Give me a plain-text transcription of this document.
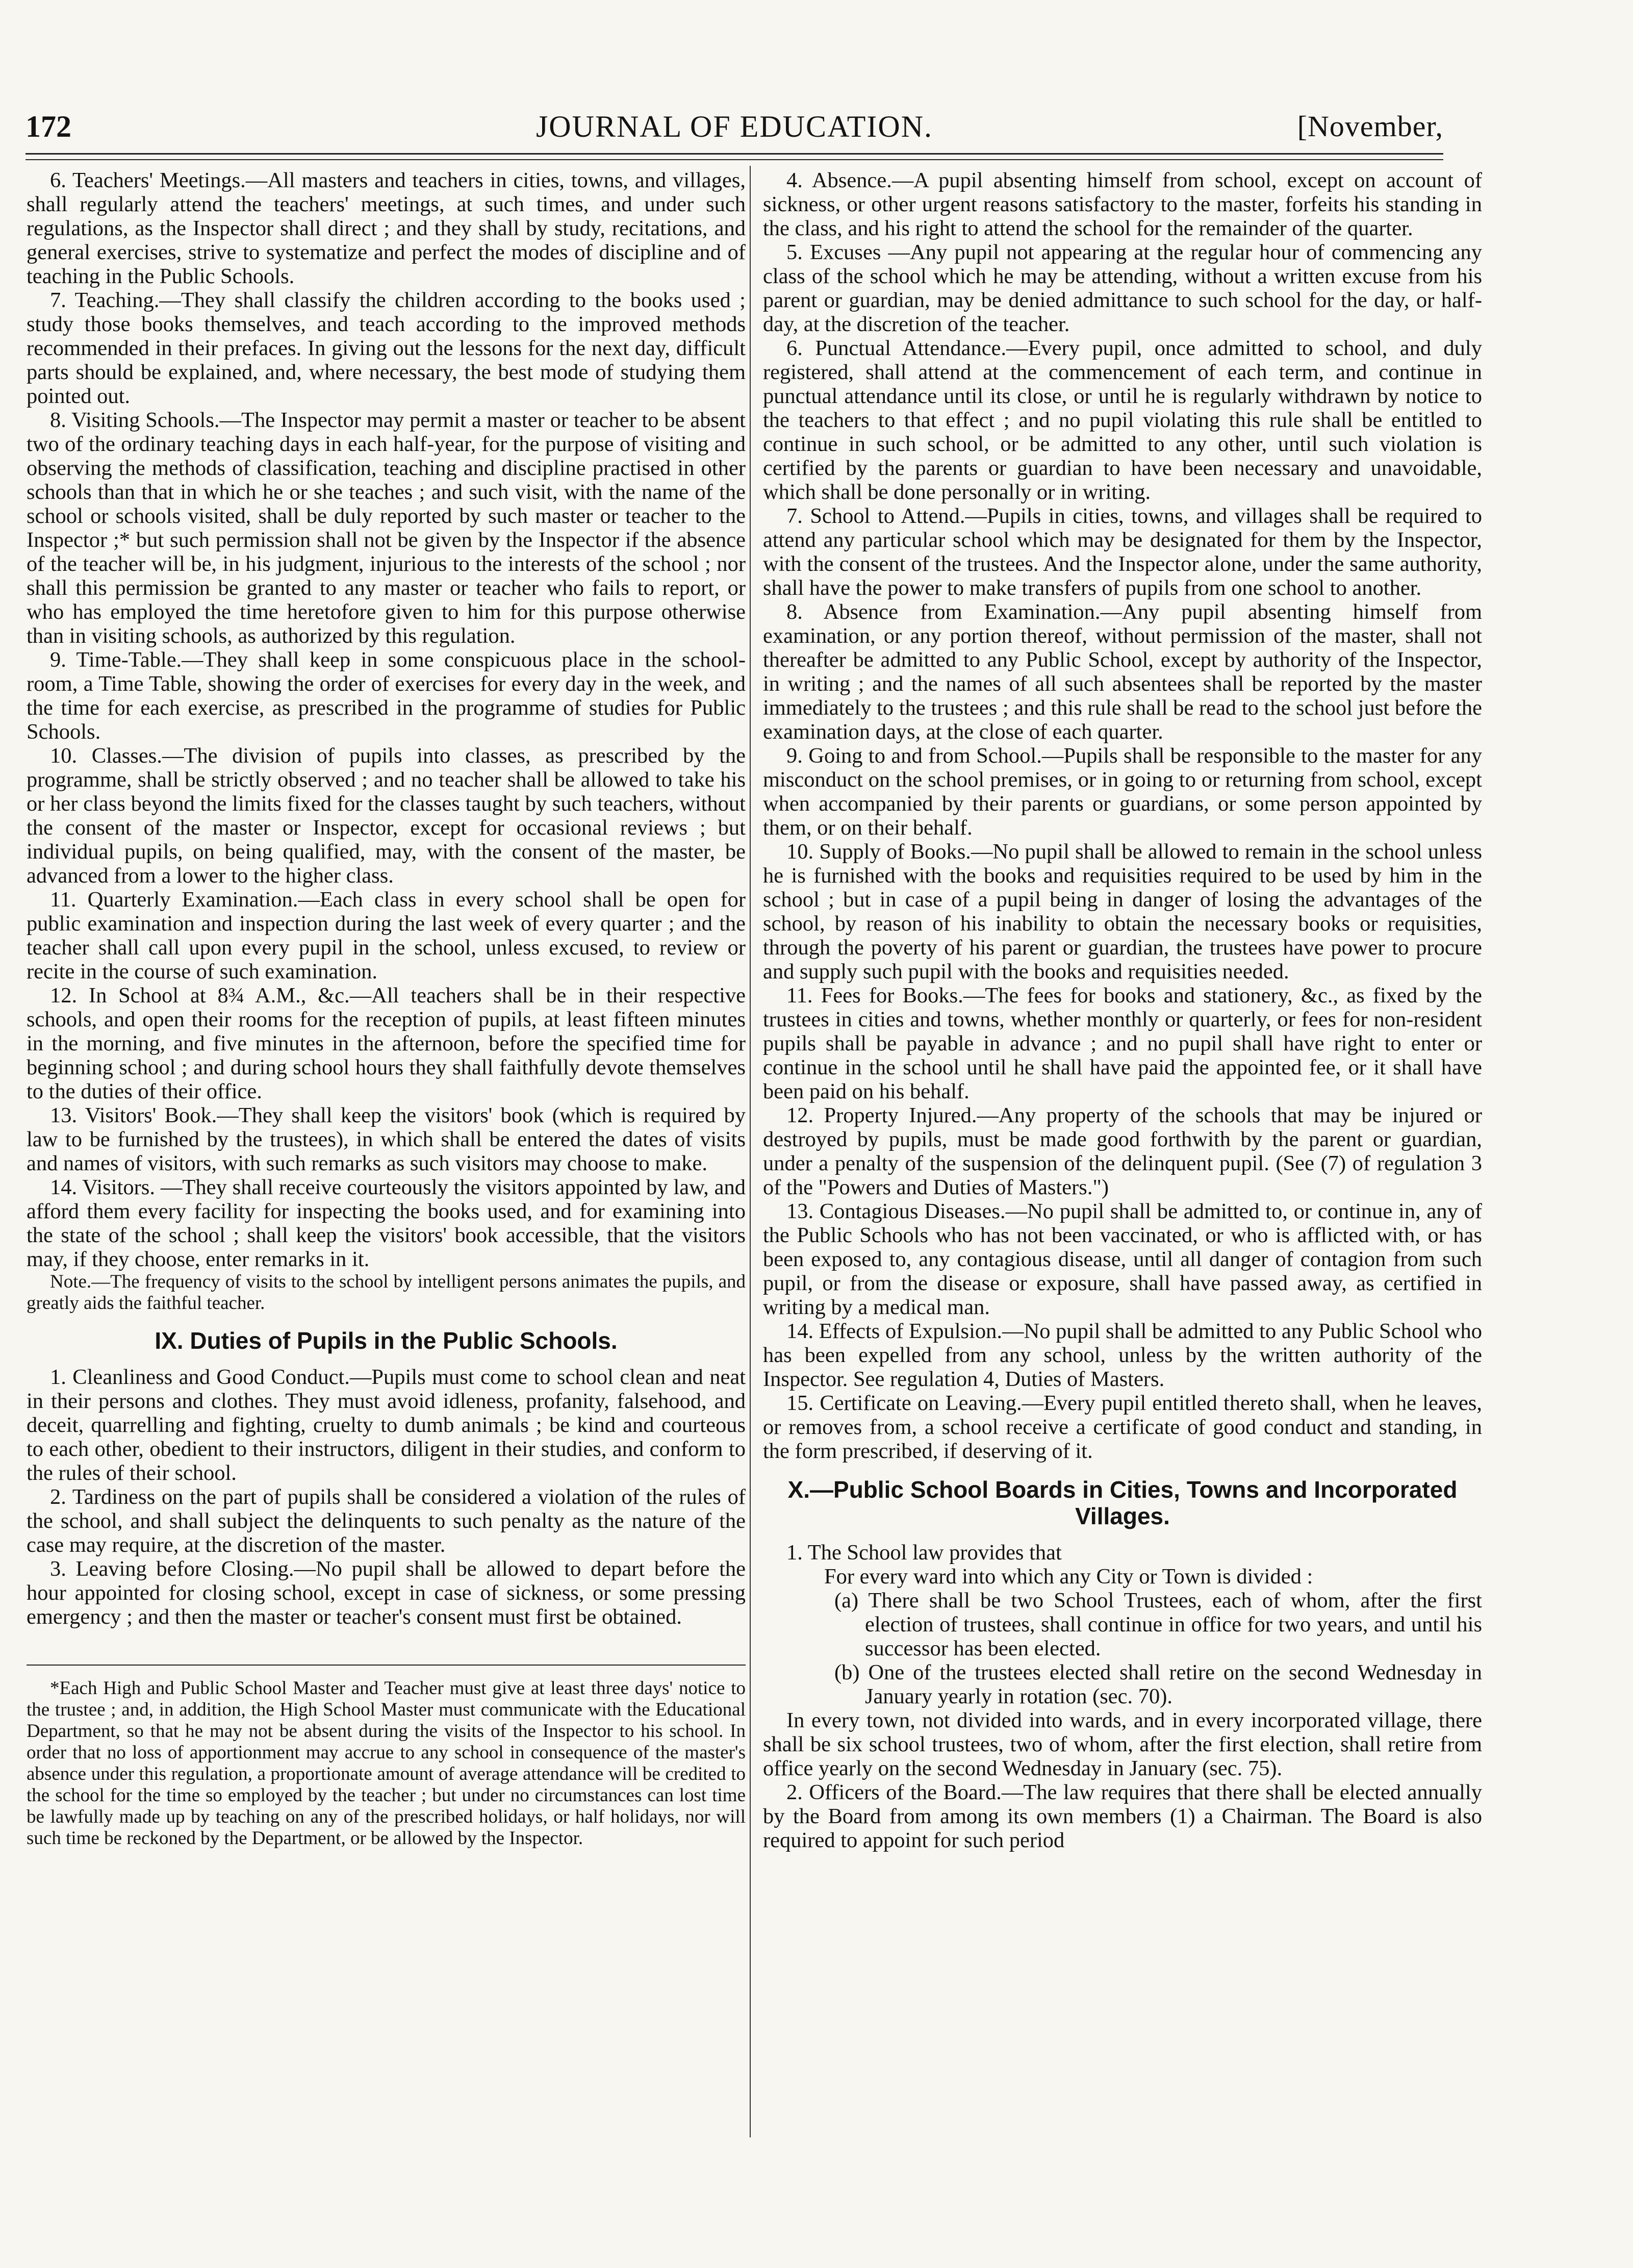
172	JOURNAL OF EDUCATION.	[November,

6. Teachers' Meetings.—All masters and teachers in cities, towns, and villages, shall regularly attend the teachers' meetings, at such times, and under such regulations, as the Inspector shall direct ; and they shall by study, recitations, and general exercises, strive to systematize and perfect the modes of discipline and of teaching in the Public Schools.

7. Teaching.—They shall classify the children according to the books used ; study those books themselves, and teach according to the improved methods recommended in their prefaces. In giving out the lessons for the next day, difficult parts should be explained, and, where necessary, the best mode of studying them pointed out.

8. Visiting Schools.—The Inspector may permit a master or teacher to be absent two of the ordinary teaching days in each half-year, for the purpose of visiting and observing the methods of classification, teaching and discipline practised in other schools than that in which he or she teaches ; and such visit, with the name of the school or schools visited, shall be duly reported by such master or teacher to the Inspector ;* but such permission shall not be given by the Inspector if the absence of the teacher will be, in his judgment, injurious to the interests of the school ; nor shall this permission be granted to any master or teacher who fails to report, or who has employed the time heretofore given to him for this purpose otherwise than in visiting schools, as authorized by this regulation.

9. Time-Table.—They shall keep in some conspicuous place in the school-room, a Time Table, showing the order of exercises for every day in the week, and the time for each exercise, as prescribed in the programme of studies for Public Schools.

10. Classes.—The division of pupils into classes, as prescribed by the programme, shall be strictly observed ; and no teacher shall be allowed to take his or her class beyond the limits fixed for the classes taught by such teachers, without the consent of the master or Inspector, except for occasional reviews ; but individual pupils, on being qualified, may, with the consent of the master, be advanced from a lower to the higher class.

11. Quarterly Examination.—Each class in every school shall be open for public examination and inspection during the last week of every quarter ; and the teacher shall call upon every pupil in the school, unless excused, to review or recite in the course of such examination.

12. In School at 8¾ A.M., &c.—All teachers shall be in their respective schools, and open their rooms for the reception of pupils, at least fifteen minutes in the morning, and five minutes in the afternoon, before the specified time for beginning school ; and during school hours they shall faithfully devote themselves to the duties of their office.

13. Visitors' Book.—They shall keep the visitors' book (which is required by law to be furnished by the trustees), in which shall be entered the dates of visits and names of visitors, with such remarks as such visitors may choose to make.

14. Visitors. —They shall receive courteously the visitors appointed by law, and afford them every facility for inspecting the books used, and for examining into the state of the school ; shall keep the visitors' book accessible, that the visitors may, if they choose, enter remarks in it.

Note.—The frequency of visits to the school by intelligent persons animates the pupils, and greatly aids the faithful teacher.

IX. Duties of Pupils in the Public Schools.

1. Cleanliness and Good Conduct.—Pupils must come to school clean and neat in their persons and clothes. They must avoid idleness, profanity, falsehood, and deceit, quarrelling and fighting, cruelty to dumb animals ; be kind and courteous to each other, obedient to their instructors, diligent in their studies, and conform to the rules of their school.

2. Tardiness on the part of pupils shall be considered a violation of the rules of the school, and shall subject the delinquents to such penalty as the nature of the case may require, at the discretion of the master.

3. Leaving before Closing.—No pupil shall be allowed to depart before the hour appointed for closing school, except in case of sickness, or some pressing emergency ; and then the master or teacher's consent must first be obtained.

*Each High and Public School Master and Teacher must give at least three days' notice to the trustee ; and, in addition, the High School Master must communicate with the Educational Department, so that he may not be absent during the visits of the Inspector to his school. In order that no loss of apportionment may accrue to any school in consequence of the master's absence under this regulation, a proportionate amount of average attendance will be credited to the school for the time so employed by the teacher ; but under no circumstances can lost time be lawfully made up by teaching on any of the prescribed holidays, or half holidays, nor will such time be reckoned by the Department, or be allowed by the Inspector.

4. Absence.—A pupil absenting himself from school, except on account of sickness, or other urgent reasons satisfactory to the master, forfeits his standing in the class, and his right to attend the school for the remainder of the quarter.

5. Excuses —Any pupil not appearing at the regular hour of commencing any class of the school which he may be attending, without a written excuse from his parent or guardian, may be denied admittance to such school for the day, or half-day, at the discretion of the teacher.

6. Punctual Attendance.—Every pupil, once admitted to school, and duly registered, shall attend at the commencement of each term, and continue in punctual attendance until its close, or until he is regularly withdrawn by notice to the teachers to that effect ; and no pupil violating this rule shall be entitled to continue in such school, or be admitted to any other, until such violation is certified by the parents or guardian to have been necessary and unavoidable, which shall be done personally or in writing.

7. School to Attend.—Pupils in cities, towns, and villages shall be required to attend any particular school which may be designated for them by the Inspector, with the consent of the trustees. And the Inspector alone, under the same authority, shall have the power to make transfers of pupils from one school to another.

8. Absence from Examination.—Any pupil absenting himself from examination, or any portion thereof, without permission of the master, shall not thereafter be admitted to any Public School, except by authority of the Inspector, in writing ; and the names of all such absentees shall be reported by the master immediately to the trustees ; and this rule shall be read to the school just before the examination days, at the close of each quarter.

9. Going to and from School.—Pupils shall be responsible to the master for any misconduct on the school premises, or in going to or returning from school, except when accompanied by their parents or guardians, or some person appointed by them, or on their behalf.

10. Supply of Books.—No pupil shall be allowed to remain in the school unless he is furnished with the books and requisities required to be used by him in the school ; but in case of a pupil being in danger of losing the advantages of the school, by reason of his inability to obtain the necessary books or requisities, through the poverty of his parent or guardian, the trustees have power to procure and supply such pupil with the books and requisities needed.

11. Fees for Books.—The fees for books and stationery, &c., as fixed by the trustees in cities and towns, whether monthly or quarterly, or fees for non-resident pupils shall be payable in advance ; and no pupil shall have right to enter or continue in the school until he shall have paid the appointed fee, or it shall have been paid on his behalf.

12. Property Injured.—Any property of the schools that may be injured or destroyed by pupils, must be made good forthwith by the parent or guardian, under a penalty of the suspension of the delinquent pupil. (See (7) of regulation 3 of the "Powers and Duties of Masters.")

13. Contagious Diseases.—No pupil shall be admitted to, or continue in, any of the Public Schools who has not been vaccinated, or who is afflicted with, or has been exposed to, any contagious disease, until all danger of contagion from such pupil, or from the disease or exposure, shall have passed away, as certified in writing by a medical man.

14. Effects of Expulsion.—No pupil shall be admitted to any Public School who has been expelled from any school, unless by the written authority of the Inspector. See regulation 4, Duties of Masters.

15. Certificate on Leaving.—Every pupil entitled thereto shall, when he leaves, or removes from, a school receive a certificate of good conduct and standing, in the form prescribed, if deserving of it.

X.—Public School Boards in Cities, Towns and Incorporated Villages.

1. The School law provides that

For every ward into which any City or Town is divided :

(a) There shall be two School Trustees, each of whom, after the first election of trustees, shall continue in office for two years, and until his successor has been elected.

(b) One of the trustees elected shall retire on the second Wednesday in January yearly in rotation (sec. 70).

In every town, not divided into wards, and in every incorporated village, there shall be six school trustees, two of whom, after the first election, shall retire from office yearly on the second Wednesday in January (sec. 75).

2. Officers of the Board.—The law requires that there shall be elected annually by the Board from among its own members (1) a Chairman. The Board is also required to appoint for such period
